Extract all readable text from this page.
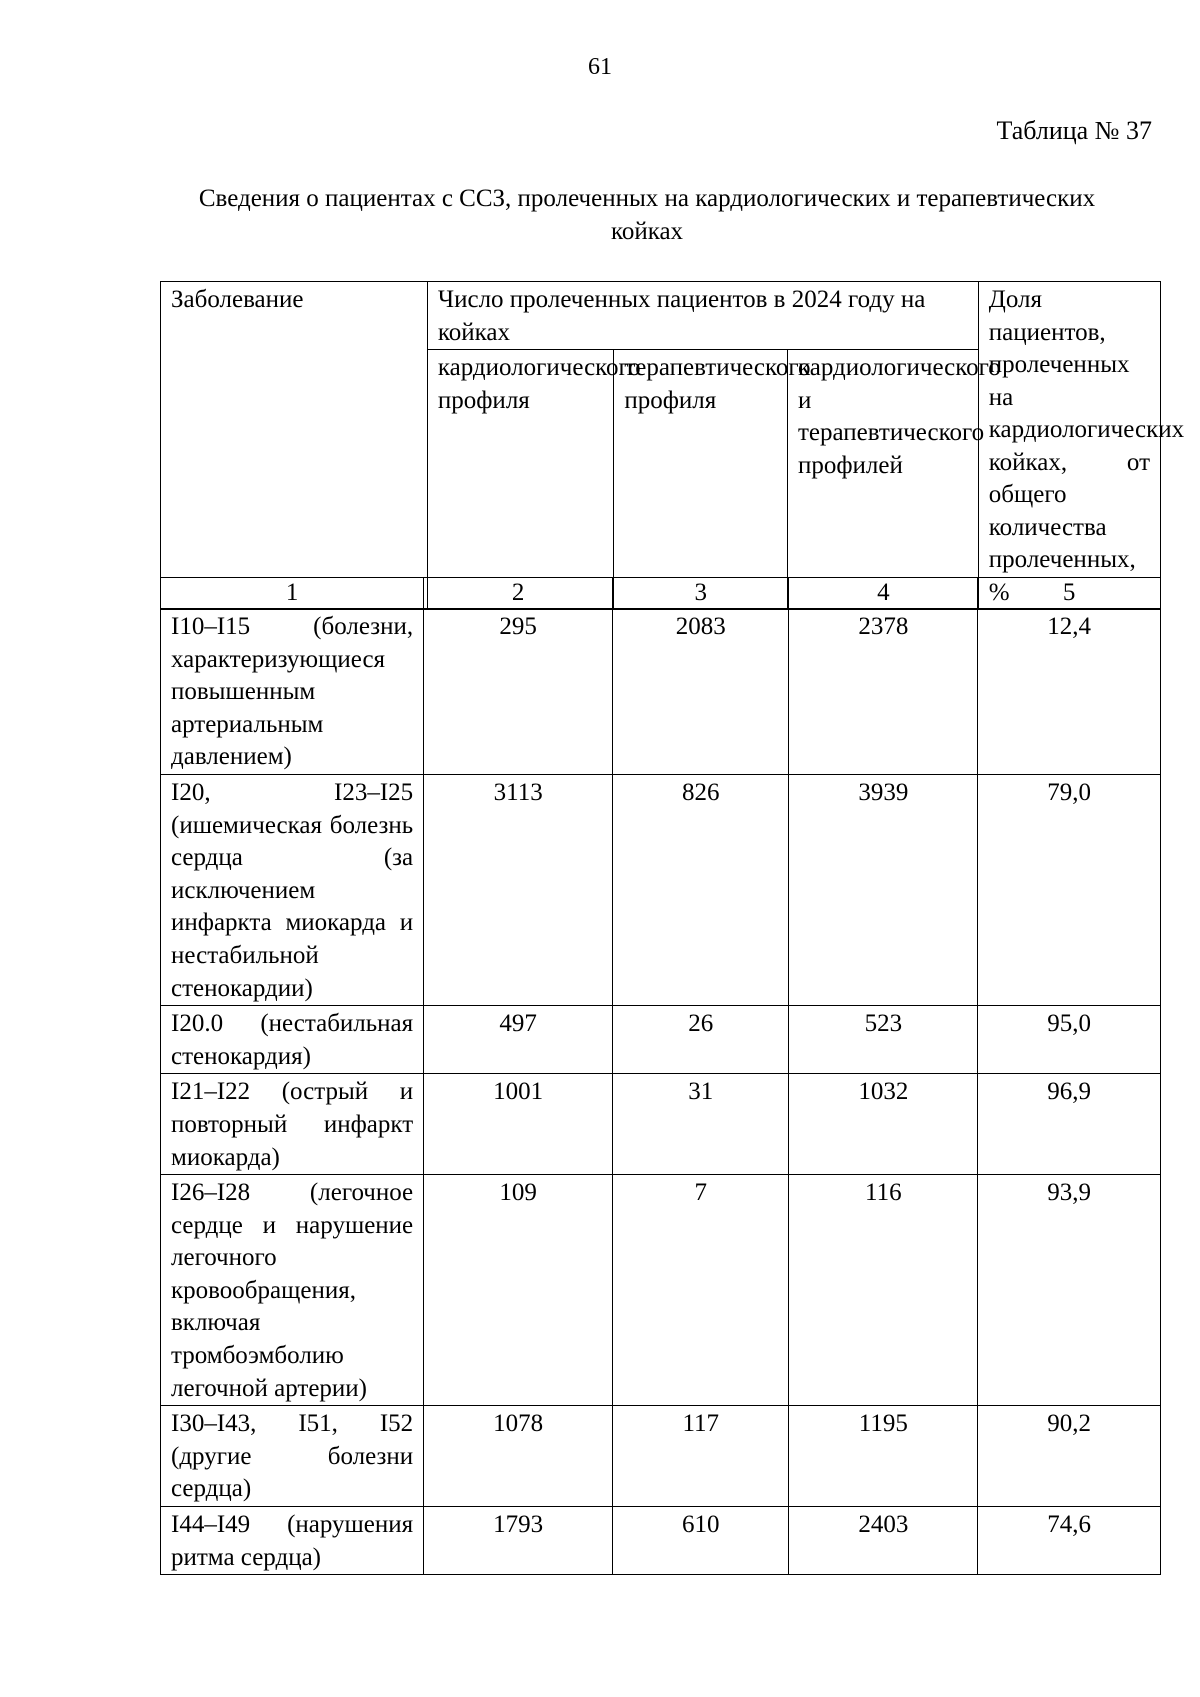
61
Таблица № 37
Сведения о пациентах с ССЗ, пролеченных на кардиологических и терапевтических койках
Заболевание	Число пролеченных пациентов в 2024 году на койках			Доля пациентов, пролеченных на кардиологических койках, от общего количества пролеченных, %
	кардиологического профиля	терапевтического профиля	кардиологического и терапевтического профилей	
1	2	3	4	5
I10–I15 (болезни, характеризующиеся повышенным артериальным давлением)	295	2083	2378	12,4
I20, I23–I25 (ишемическая болезнь сердца (за исключением инфаркта миокарда и нестабильной стенокардии)	3113	826	3939	79,0
I20.0 (нестабильная стенокардия)	497	26	523	95,0
I21–I22 (острый и повторный инфаркт миокарда)	1001	31	1032	96,9
I26–I28 (легочное сердце и нарушение легочного кровообращения, включая тромбоэмболию легочной артерии)	109	7	116	93,9
I30–I43, I51, I52 (другие болезни сердца)	1078	117	1195	90,2
I44–I49 (нарушения ритма сердца)	1793	610	2403	74,6
